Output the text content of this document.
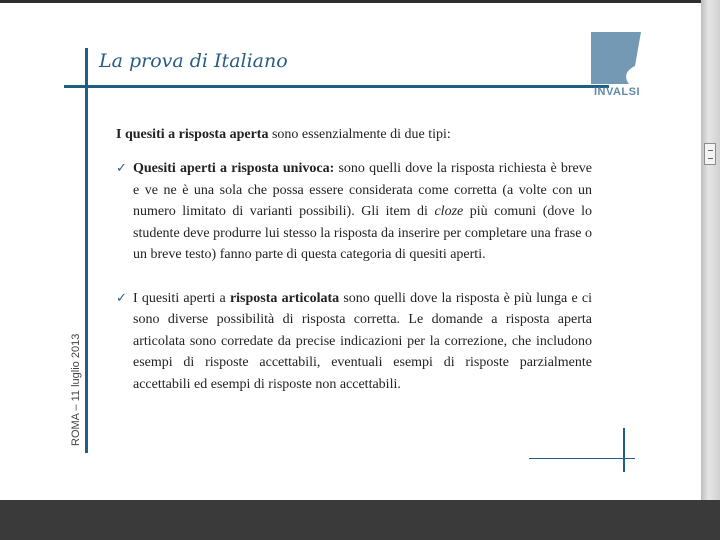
La prova di Italiano
INVALSI
ROMA – 11 luglio 2013

I quesiti a risposta aperta sono essenzialmente di due tipi:

✓ Quesiti aperti a risposta univoca: sono quelli dove la risposta richiesta è breve e ve ne è una sola che possa essere considerata come corretta (a volte con un numero limitato di varianti possibili). Gli item di cloze più comuni (dove lo studente deve produrre lui stesso la risposta da inserire per completare una frase o un breve testo) fanno parte di questa categoria di quesiti aperti.
✓ I quesiti aperti a risposta articolata sono quelli dove la risposta è più lunga e ci sono diverse possibilità di risposta corretta. Le domande a risposta aperta articolata sono corredate da precise indicazioni per la correzione, che includono esempi di risposte accettabili, eventuali esempi di risposte parzialmente accettabili ed esempi di risposte non accettabili.
